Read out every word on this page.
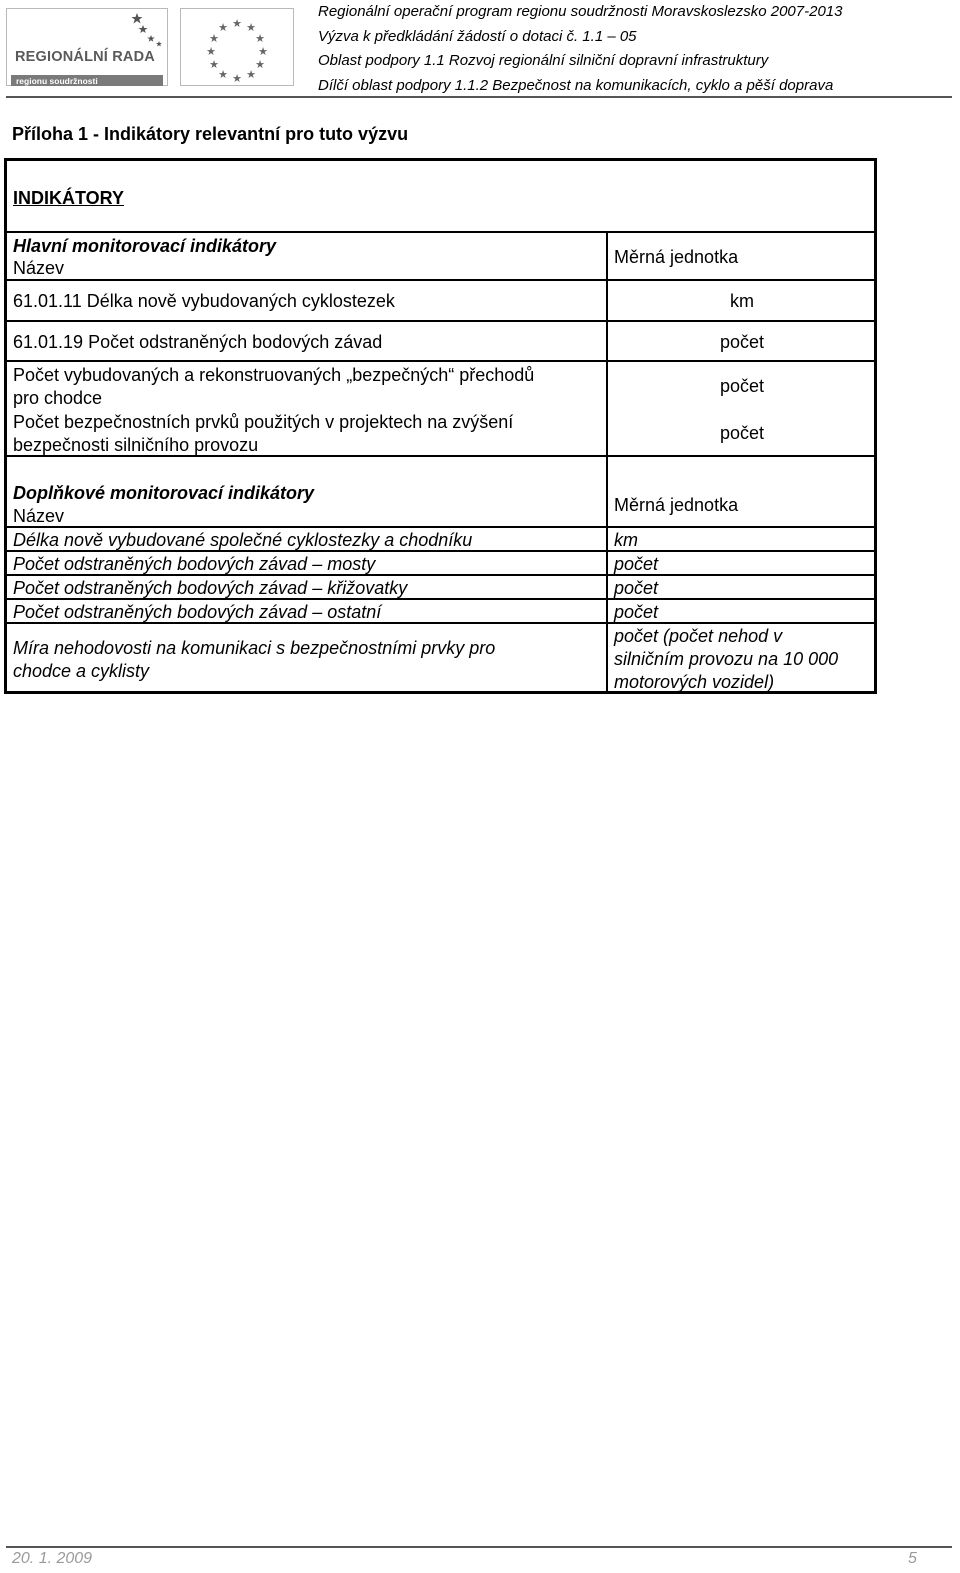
REGIONÁLNÍ RADA
regionu soudržnosti Moravskoslezsko
★ ★
★
★
★
★
★
★
★
★
★
★
Regionální operační program regionu soudržnosti Moravskoslezsko 2007-2013
Výzva k předkládání žádostí o dotaci č. 1.1 – 05
Oblast podpory 1.1 Rozvoj regionální silniční dopravní infrastruktury
Dílčí oblast podpory 1.1.2 Bezpečnost na komunikacích, cyklo a pěší doprava
Příloha 1 - Indikátory relevantní pro tuto výzvu
INDIKÁTORY
Hlavní monitorovací indikátory
Název
Měrná jednotka
61.01.11 Délka nově vybudovaných cyklostezek	km
61.01.19 Počet odstraněných bodových závad	počet
Počet vybudovaných a rekonstruovaných „bezpečných“ přechodů
pro chodce
počet
Počet bezpečnostních prvků použitých v projektech na zvýšení
bezpečnosti silničního provozu
počet
Doplňkové monitorovací indikátory
Název
Měrná jednotka
Délka nově vybudované společné cyklostezky a chodníku	km
Počet odstraněných bodových závad – mosty	počet
Počet odstraněných bodových závad – křižovatky	počet
Počet odstraněných bodových závad – ostatní	počet
Míra nehodovosti na komunikaci s bezpečnostními prvky pro
chodce a cyklisty
počet (počet nehod v
silničním provozu na 10 000
motorových vozidel)
20. 1. 2009	5
